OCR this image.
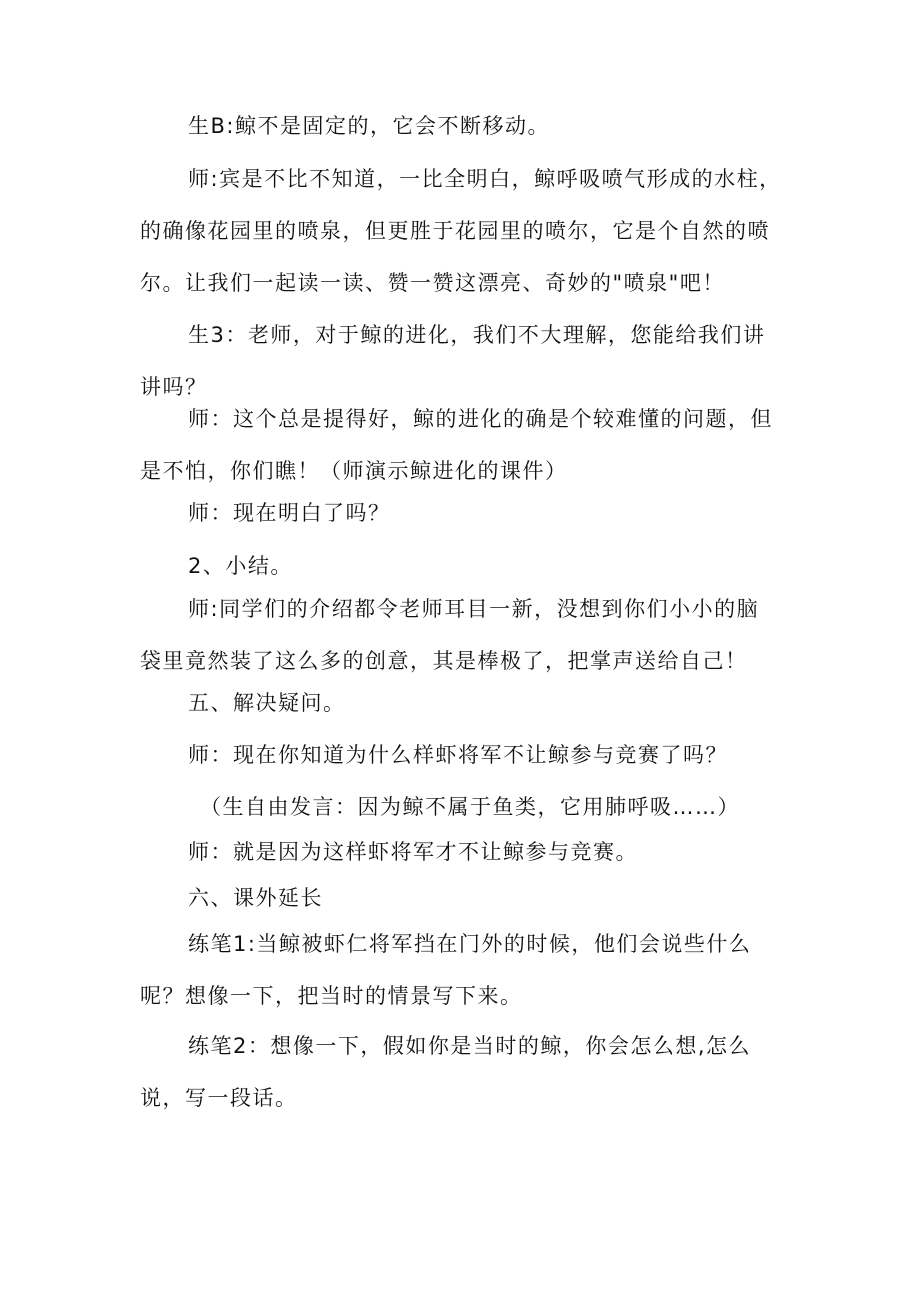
生B:鲸不是固定的，它会不断移动。
师:宾是不比不知道，一比全明白，鲸呼吸喷气形成的水柱，
的确像花园里的喷泉，但更胜于花园里的喷尔，它是个自然的喷
尔。让我们一起读一读、赞一赞这漂亮、奇妙的"喷泉"吧！
生3：老师，对于鲸的进化，我们不大理解，您能给我们讲
讲吗？
师：这个总是提得好，鲸的进化的确是个较难懂的问题，但
是不怕，你们瞧！（师演示鲸进化的课件）
师：现在明白了吗？
2、小结。
师:同学们的介绍都令老师耳目一新，没想到你们小小的脑
袋里竟然装了这么多的创意，其是棒极了，把掌声送给自己！
五、解决疑问。
师：现在你知道为什么样虾将军不让鲸参与竞赛了吗？
（生自由发言：因为鲸不属于鱼类，它用肺呼吸……）
师：就是因为这样虾将军才不让鲸参与竞赛。
六、课外延长
练笔1:当鲸被虾仁将军挡在门外的时候，他们会说些什么
呢？想像一下，把当时的情景写下来。
练笔2：想像一下，假如你是当时的鲸，你会怎么想,怎么
说，写一段话。
